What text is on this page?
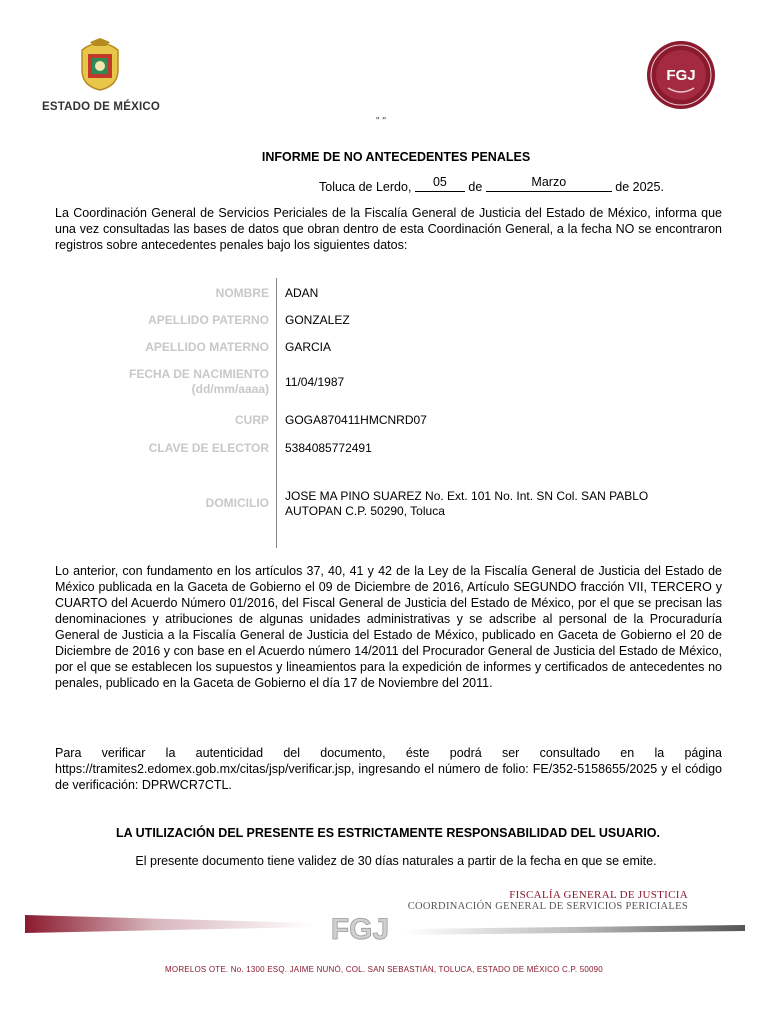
ESTADO DE MÉXICO
FGJ
" "
INFORME DE NO ANTECEDENTES PENALES
Toluca de Lerdo, 05 de	Marzo	de 2025.
La Coordinación General de Servicios Periciales de la Fiscalía General de Justicia del Estado de México, informa que una vez consultadas las bases de datos que obran dentro de esta Coordinación General, a la fecha NO se encontraron registros sobre antecedentes penales bajo los siguientes datos:
NOMBRE ADAN
APELLIDO PATERNO GONZALEZ
APELLIDO MATERNO GARCIA
FECHA DE NACIMIENTO
(dd/mm/aaaa) 11/04/1987
CURP GOGA870411HMCNRD07
CLAVE DE ELECTOR 5384085772491
DOMICILIO JOSE MA PINO SUAREZ No. Ext. 101 No. Int. SN Col. SAN PABLO AUTOPAN C.P. 50290, Toluca
Lo anterior, con fundamento en los artículos 37, 40, 41 y 42 de la Ley de la Fiscalía General de Justicia del Estado de México publicada en la Gaceta de Gobierno el 09 de Diciembre de 2016, Artículo SEGUNDO fracción VII, TERCERO y CUARTO del Acuerdo Número 01/2016, del Fiscal General de Justicia del Estado de México, por el que se precisan las denominaciones y atribuciones de algunas unidades administrativas y se adscribe al personal de la Procuraduría General de Justicia a la Fiscalía General de Justicia del Estado de México, publicado en Gaceta de Gobierno el 20 de Diciembre de 2016 y con base en el Acuerdo número 14/2011 del Procurador General de Justicia del Estado de México, por el que se establecen los supuestos y lineamientos para la expedición de informes y certificados de antecedentes no penales, publicado en la Gaceta de Gobierno el día 17 de Noviembre del 2011.
Para verificar la autenticidad del documento, éste podrá ser consultado en la página https://tramites2.edomex.gob.mx/citas/jsp/verificar.jsp, ingresando el número de folio: FE/352-5158655/2025 y el código de verificación: DPRWCR7CTL.
LA UTILIZACIÓN DEL PRESENTE ES ESTRICTAMENTE RESPONSABILIDAD DEL USUARIO.
El presente documento tiene validez de 30 días naturales a partir de la fecha en que se emite.
FISCALÍA GENERAL DE JUSTICIA
COORDINACIÓN GENERAL DE SERVICIOS PERICIALES
FGJ
MORELOS OTE. No. 1300 ESQ. JAIME NUNÓ, COL. SAN SEBASTIÁN, TOLUCA, ESTADO DE MÉXICO C.P. 50090
